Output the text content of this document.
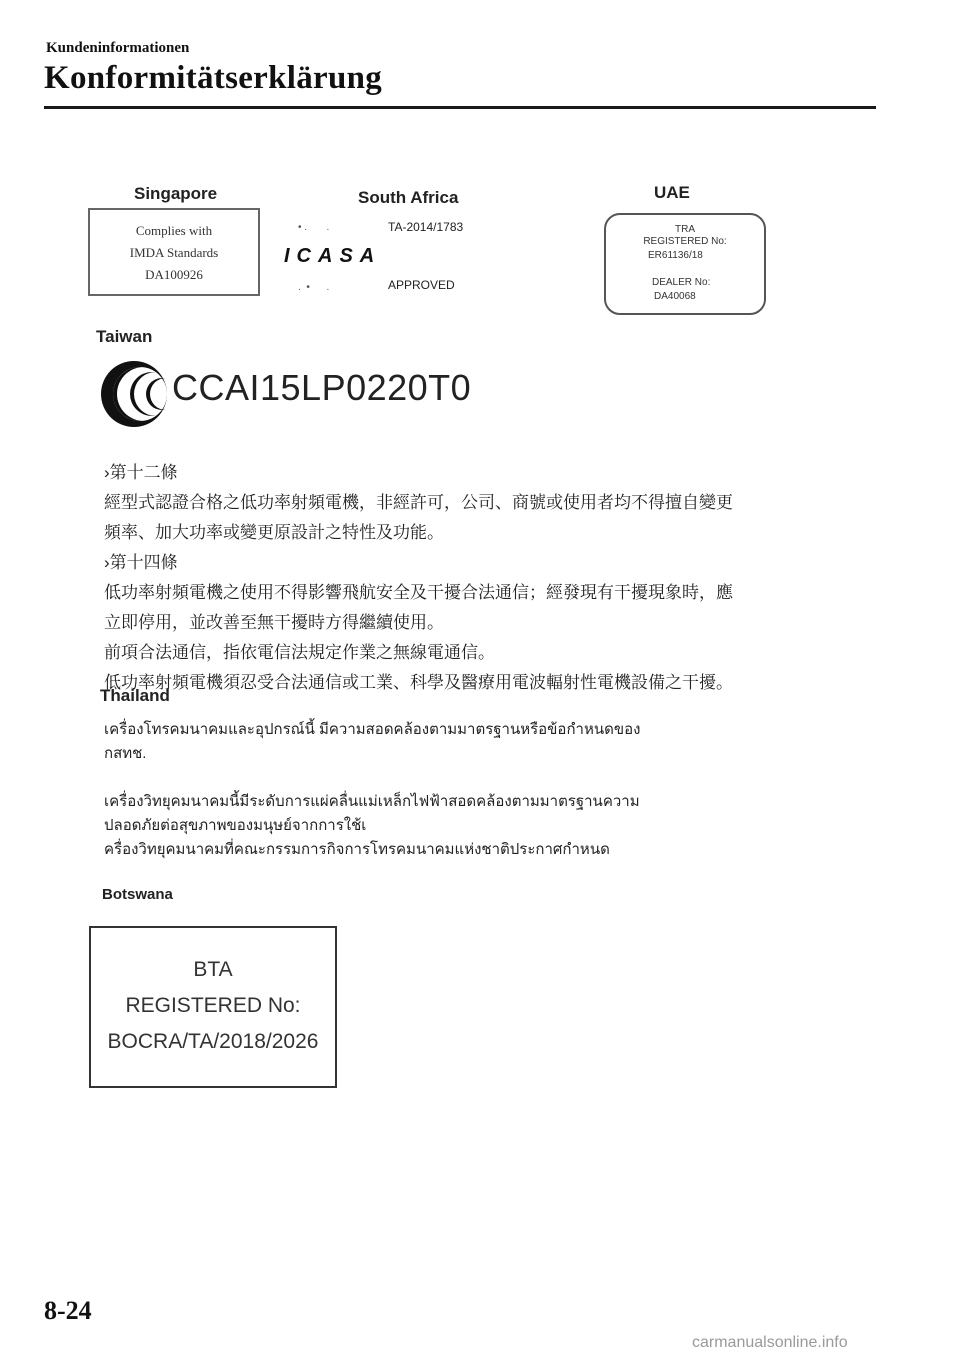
Kundeninformationen
Konformitätserklärung
Singapore
Complies with
IMDA Standards
DA100926
South Africa
TA-2014/1783
• .       .
ICASA
.  •      .	APPROVED
UAE
TRA
REGISTERED No:
ER61136/18
DEALER No:
DA40068
Taiwan
CCAI15LP0220T0
›第十二條
經型式認證合格之低功率射頻電機，非經許可，公司、商號或使用者均不得擅自變更
頻率、加大功率或變更原設計之特性及功能。
›第十四條
低功率射頻電機之使用不得影響飛航安全及干擾合法通信；經發現有干擾現象時，應
立即停用，並改善至無干擾時方得繼續使用。
前項合法通信，指依電信法規定作業之無線電通信。
低功率射頻電機須忍受合法通信或工業、科學及醫療用電波輻射性電機設備之干擾。
Thailand
เครื่องโทรคมนาคมและอุปกรณ์นี้ มีความสอดคล้องตามมาตรฐานหรือข้อกำหนดของ
กสทช.
เครื่องวิทยุคมนาคมนี้มีระดับการแผ่คลื่นแม่เหล็กไฟฟ้าสอดคล้องตามมาตรฐานความ
ปลอดภัยต่อสุขภาพของมนุษย์จากการใช้เ
ครื่องวิทยุคมนาคมที่คณะกรรมการกิจการโทรคมนาคมแห่งชาติประกาศกำหนด
Botswana
BTA
REGISTERED No:
BOCRA/TA/2018/2026
8-24
carmanualsonline.info
